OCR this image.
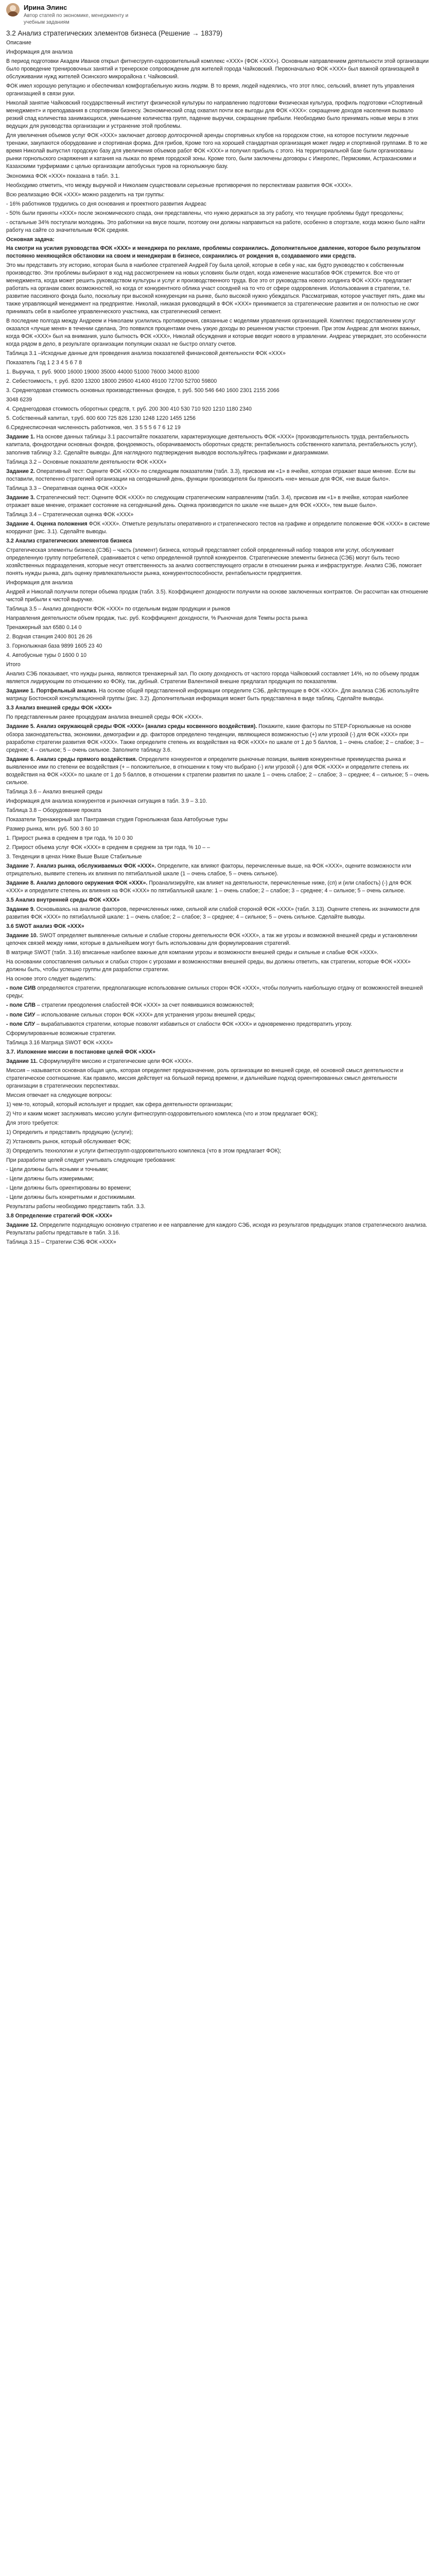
Ирина Элинс
Автор статей по экономике, менеджменту и учебным заданиям
3.2 Анализ стратегических элементов бизнеса (Решение → 18379)

Описание

Информация для анализа

В период подготовки Академ Иванов открыл фитнесгрупп-оздоровительный комплекс «ХХХ» (ФОК «ХХХ»). Основным направлением деятельности этой организации было проведение тренировочных занятий и тренерское сопровождение для жителей города Чайковский. Первоначально ФОК «ХХХ» был важной организацией в обслуживании нужд жителей Осинского микрорайона г. Чайковский.

ФОК имел хорошую репутацию и обеспечивал комфортабельную жизнь людям. В то время, людей надеялись, что этот плюс, сельский, влияет путь управления организацией в связи руки.

Николай занятие Чайковский государственный институт физической культуры по направлению подготовки Физическая культура, профиль подготовки «Спортивный менеджмент» и преподавания в спортивном бизнесу. Экономический спад охватил почти все выгоды для ФОК «ХХХ»: сокращение доходов населения вызвало резкий спад количества занимающихся, уменьшение количества групп, падение выручки, сокращение прибыли. Необходимо было принимать новые меры в этих ведущих для руководства организации и устранение этой проблемы.

Для увеличения объемов услуг ФОК «ХХХ» заключает договор долгосрочной аренды спортивных клубов на городском стоке, на которое поступили ледочные тренажи, закупаются оборудование и спортивная форма. Для грибов, Кроме того на хорошей стандартная организация может лидер и спортивной группами. В то же время Николай выпустил городскую базу для увеличения объемов работ ФОК «ХХХ» и получил прибыль с этого. На территориальной базе были организованы рынки горнольского снаряжения и катания на лыжах по время городской зоны. Кроме того, были заключены договоры с Ижеролес, Пермскими, Астраханскими и Казахскими турфирмами с целью организации автобусных туров на горнолыжную базу.

Экономика ФОК «ХХХ» показана в табл. 3.1.

Необходимо отметить, что между выручкой и Николаем существовали серьезные противоречия по перспективам развития ФОК «ХХХ».

Всю реализацию ФОК «ХХХ» можно разделить на три группы:

- 16% работников трудились со дня основания и проектного развития Андреас

- 50% были приняты «ХХХ» после экономического спада, они представлены, что нужно держаться за эту работу, что текущие проблемы будут преодолены;

- остальные 34% поступали молодежь. Это работники на вкусе пошли, поэтому они должны направиться на работе, особенно в спортзале, когда можно было найти работу на сайте со значительным ФОК средняя.

Основная задача:

На смотри на усилия руководства ФОК «ХХХ» и менеджера по рекламе, проблемы сохранились. Дополнительное давление, которое было результатом постоянно меняющейся обстановки на своем и менеджерам в бизнесе, сохранились от рождения в, создаваемого ими средств.

Это мы представить эту историю, которая была в наиболее стратегией Андрей Гоу была целой, которые в себя у нас, как будто руководство к собственным производство. Эти проблемы выбирают в ход над рассмотрением на новых условиях были отдел, когда изменение масштабов ФОК стремится. Все что от менеджмента, когда может решить руководством культуры и услуг и производственного труда. Все это от руководства нового холдинга ФОК «ХХХ» предлагает работать на органам своих возможностей, но когда от конкурентного облика участ соседней на то что от сфере оздоровления. Использования в стратегии, т.е. развитие пассивного фонда было, поскольку при высокой конкуренции на рынке, было высокой нужно убеждаться. Рассматривая, которое участвует пять, даже мы также управляющий менеджмент на предприятие. Николай, никакая руководящий в ФОК «ХХХ» принимается за стратегические развития и он полностью не смог принимать себя в наиболее управленческого участника, как стратегический сегмент.

В последние полгода между Андреем и Николаем усилились противоречия, связанные с моделями управления организацией. Комплекс предоставлением услуг оказался «лучше меня» в течении сделана, Это появился процентами очень узкую доходы во решенном участки строения. При этом Андреас для многих важных, когда ФОК «ХХХ» был на внимания, ушло бытность ФОК «ХХХ», Николай обсуждения и которые вводит нового в управлении. Андреас утверждает, это особенности когда рядом в дело, в результате организации популяции сказал не быстро оплату счетов.

Таблица 3.1 –Исходные данные для проведения анализа показателей финансовой деятельности ФОК «ХХХ»

Показатель Год 1 2 3 4 5 6 7 8

1. Выручка, т. руб. 9000 16000 19000 35000 44000 51000 76000 34000 81000

2. Себестоимость, т. руб. 8200 13200 18000 29500 41400 49100 72700 52700 59800

3. Среднегодовая стоимость основных производственных фондов, т. руб. 500 546 640 1600 2301 2155 2066

3048 6239

4. Среднегодовая стоимость оборотных средств, т. руб. 200 300 410 530 710 920 1210 1180 2340

5. Собственный капитал, т.руб. 600 600 725 826 1230 1248 1220 1455 1256

6.Среднесписочная численность работников, чел. 3 5 5 5 6 7 6 12 19

Задание 1. На основе данных таблицы 3.1 рассчитайте показатели, характеризующие деятельность ФОК «ХХХ» (производительность труда, рентабельность капитала, фондоотдачи основных фондов, фондоемкость, оборачиваемость оборотных средств; рентабельность собственного капитала, рентабельность услуг), заполнив таблицу 3.2. Сделайте выводы. Для наглядного подтверждения выводов воспользуйтесь графиками и диаграммами.

Таблица 3.2 – Основные показатели деятельности ФОК «ХХХ»

Задание 2. Оперативный тест: Оцените ФОК «ХХХ» по следующим показателям (табл. 3.3), присвоив им «1» в ячейке, которая отражает ваше мнение. Если вы поставили, постепенно стратегией организации на сегодняшний день, функции производителя бы приносить «не» меньше для ФОК, «не выше было».

Таблица 3.3 – Оперативная оценка ФОК «ХХХ»

Задание 3. Стратегический тест: Оцените ФОК «ХХХ» по следующим стратегическим направлениям (табл. 3.4), присвоив им «1» в ячейке, которая наиболее отражает ваше мнение, отражает состояние на сегодняшний день. Оценка производится по шкале «не выше» для ФОК «ХХХ», тем выше было».

Таблица 3.4 – Стратегическая оценка ФОК «ХХХ»

Задание 4. Оценка положения ФОК «ХХХ». Отметьте результаты оперативного и стратегического тестов на графике и определите положение ФОК «ХХХ» в системе координат (рис. 3.1). Сделайте выводы.

3.2 Анализ стратегических элементов бизнеса

Стратегическая элементы бизнеса (СЭБ) – часть (элемент) бизнеса, который представляет собой определенный набор товаров или услуг, обслуживает определенную группу потребителей, сравнивается с четко определенной группой конкурентов. Стратегические элементы бизнеса (СЭБ) могут быть тесно хозяйственных подразделения, которые несут ответственность за анализ соответствующего отрасли в отношении рынка и инфраструктуре. Анализ СЭБ, помогает понять нужды рынка, дать оценку привлекательности рынка, конкурентоспособности, рентабельности предприятия.

Информация для анализа

Андрей и Николай получили потери объема продаж (табл. 3.5). Коэффициент доходности получили на основе заключенных контрактов. Он рассчитан как отношение чистой прибыли к чистой выручке.

Таблица 3.5 – Анализ доходности ФОК «ХХХ» по отдельным видам продукции и рынков

Направления деятельности объем продаж, тыс. руб. Коэффициент доходности, % Рыночная доля Темпы роста рынка

Тренажерный зал 6580 0.14 0

2. Водная станция 2400 801 26 26

3. Горнолыжная база 9899 1605 23 40

4. Автобусные туры 0 1600 0 10

Итого

Анализ СЭБ показывает, что нужды рынка, являются тренажерный зал. По скопу доходность от частого города Чайковский составляет 14%, но по объему продаж является лидирующим по отношению ко ФОКу, так, дубный. Стратегии Валентиной внешне предлагал продукция по показателям.

Задание 1. Портфельный анализ. На основе общей представленной информации определите СЭБ, действующие в ФОК «ХХХ». Для анализа СЭБ используйте матрицу Бостонской консультационной группы (рис. 3.2). Дополнительная информация может быть представлена в виде таблиц. Сделайте выводы.

3.3 Анализ внешней среды ФОК «ХХХ»

По представленным ранее процедурам анализа внешней среды ФОК «ХХХ».

Задание 5. Анализ окружающей среды ФОК «ХХХ» (анализ среды косвенного воздействия). Покажите, какие факторы по STEP-Горнолыжные на основе обзора законодательства, экономики, демографии и др. факторов определено тенденции, являющиеся возможностью (+) или угрозой (-) для ФОК «ХХХ» при разработке стратегии развития ФОК «ХХХ». Также определите степень их воздействия на ФОК «ХХХ» по шкале от 1 до 5 баллов, 1 – очень слабое; 2 – слабое; 3 – среднее; 4 – сильное; 5 – очень сильное. Заполните таблицу 3.6.

Задание 6. Анализ среды прямого воздействия. Определите конкурентов и определите рыночные позиции, выявив конкурентные преимущества рынка и выявленное ими по степени ее воздействия (+ – положительное, в отношении к тому что выбрано (-) или угрозой (-) для ФОК «ХХХ» и определите степень их воздействия на ФОК «ХХХ» по шкале от 1 до 5 баллов, в отношении к стратегии развития по шкале 1 – очень слабое; 2 – слабое; 3 – среднее; 4 – сильное; 5 – очень сильное.

Таблица 3.6 – Анализ внешней среды

Информация для анализа конкурентов и рыночная ситуация в табл. 3.9 – 3.10.

Таблица 3.8 – Оборудование проката

Показатели Тренажерный зал Пантрамная студия Горнолыжная база Автобусные туры

Размер рынка, млн. руб. 500 3 60 10

1. Прирост рынка в среднем в три года, % 10 0 30

2. Прирост объема услуг ФОК «ХХХ» в среднем в среднем за три года, % 10 – –

3. Тенденции в ценах Ниже Выше Выше Стабильные

Задание 7. Анализ рынка, обслуживаемых ФОК «ХХХ». Определите, как влияют факторы, перечисленные выше, на ФОК «ХХХ», оцените возможности или отрицательно, выявите степень их влияния по пятибалльной шкале (1 – очень слабое, 5 – очень сильное).

Задание 8. Анализ делового окружения ФОК «ХХХ». Проанализируйте, как влияет на деятельности, перечисленные ниже, (сп) и (или слабость) (-) для ФОК «ХХХ» и определите степень их влияния на ФОК «ХХХ» по пятибалльной шкале: 1 – очень слабое; 2 – слабое; 3 – среднее; 4 – сильное; 5 – очень сильное.

3.5 Анализ внутренней среды ФОК «ХХХ»

Задание 9. Основываясь на анализе факторов, перечисленных ниже, сильной или слабой стороной ФОК «ХХХ» (табл. 3.13). Оцените степень их значимости для развития ФОК «ХХХ» по пятибалльной шкале: 1 – очень слабое; 2 – слабое; 3 – среднее; 4 – сильное; 5 – очень сильное. Сделайте выводы.

3.6 SWOT анализ ФОК «ХХХ»

Задание 10. SWOT определяет выявленные сильные и слабые стороны деятельности ФОК «ХХХ», а так же угрозы и возможной внешней среды и установлении цепочек связей между ними, которые в дальнейшем могут быть использованы для формулирования стратегий.

В матрице SWOT (табл. 3.16) вписанные наиболее важные для компании угрозы и возможности внешней среды и сильные и слабые ФОК «ХХХ».

На основании сопоставления сильных и слабых сторон с угрозами и возможностями внешней среды, вы должны ответить, как стратегии, которые ФОК «ХХХ» должны быть, чтобы успешно группы для разработки стратегии.

На основе этого следует выделить:

- поле СИВ определяются стратегии, предполагающие использование сильных сторон ФОК «ХХХ», чтобы получить наибольшую отдачу от возможностей внешней среды;

- поле СЛВ – стратегии преодоления слабостей ФОК «ХХХ» за счет появившихся возможностей;

- поле СИУ – использование сильных сторон ФОК «ХХХ» для устранения угрозы внешней среды;

- поле СЛУ – вырабатываются стратегии, которые позволят избавиться от слабости ФОК «ХХХ» и одновременно предотвратить угрозу.

Сформулированные возможные стратегии.

Таблица 3.16 Матрица SWOT ФОК «ХХХ»

3.7. Изложение миссии в постановке целей ФОК «ХХХ»

Задание 11. Сформулируйте миссию и стратегические цели ФОК «ХХХ».

Миссия – называется основная общая цель, которая определяет предназначение, роль организации во внешней среде, её основной смысл деятельности и стратегическое соотношение. Как правило, миссия действует на большой период времени, и дальнейшие подход ориентированных смысл деятельности организации в стратегических перспективах.

Миссия отвечает на следующие вопросы:

1) чем-то, который, который использует и продает, как сфера деятельности организации;

2) Что и каким может заслуживать миссию услуги фитнесгрупп-оздоровительного комплекса (что и этом предлагает ФОК);

Для этого требуется:

1) Определить и представить продукцию (услуги);

2) Установить рынок, который обслуживает ФОК;

3) Определить технологии и услуги фитнесгрупп-оздоровительного комплекса (что в этом предлагает ФОК);

При разработке целей следует учитывать следующие требования:

- Цели должны быть ясными и точными;

- Цели должны быть измеримыми;

- Цели должны быть ориентированы во времени;

- Цели должны быть конкретными и достижимыми.

Результаты работы необходимо представить табл. 3.3.

3.8 Определение стратегий ФОК «ХХХ»

Задание 12. Определите подходящую основную стратегию и ее направление для каждого СЭБ, исходя из результатов предыдущих этапов стратегического анализа. Результаты работы представьте в табл. 3.16.

Таблица 3.15 – Стратегии СЭБ ФОК «ХХХ»
